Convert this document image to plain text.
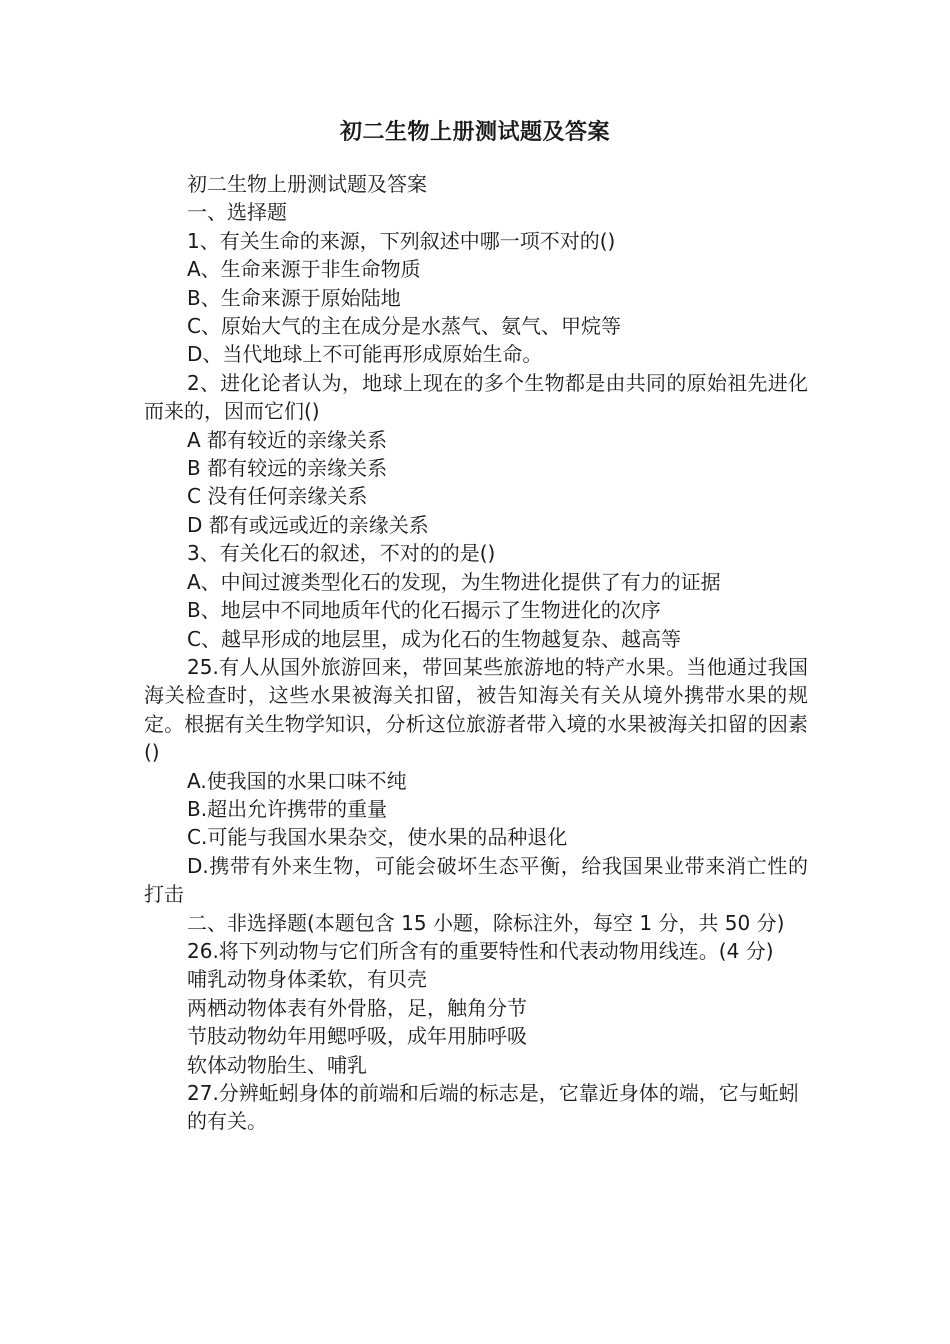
初二生物上册测试题及答案

初二生物上册测试题及答案

一、选择题

1、有关生命的来源，下列叙述中哪一项不对的()

A、生命来源于非生命物质

B、生命来源于原始陆地

C、原始大气的主在成分是水蒸气、氨气、甲烷等

D、当代地球上不可能再形成原始生命。

2、进化论者认为，地球上现在的多个生物都是由共同的原始祖先进化而来的，因而它们()

A 都有较近的亲缘关系

B 都有较远的亲缘关系

C 没有任何亲缘关系

D 都有或远或近的亲缘关系

3、有关化石的叙述，不对的的是()

A、中间过渡类型化石的发现，为生物进化提供了有力的证据

B、地层中不同地质年代的化石揭示了生物进化的次序

C、越早形成的地层里，成为化石的生物越复杂、越高等

25.有人从国外旅游回来，带回某些旅游地的特产水果。当他通过我国海关检查时，这些水果被海关扣留，被告知海关有关从境外携带水果的规定。根据有关生物学知识，分析这位旅游者带入境的水果被海关扣留的因素()

A.使我国的水果口味不纯

B.超出允许携带的重量

C.可能与我国水果杂交，使水果的品种退化

D.携带有外来生物，可能会破坏生态平衡，给我国果业带来消亡性的打击

二、非选择题(本题包含 15 小题，除标注外，每空 1 分，共 50 分)

26.将下列动物与它们所含有的重要特性和代表动物用线连。(4 分)

哺乳动物身体柔软，有贝壳

两栖动物体表有外骨胳，足，触角分节

节肢动物幼年用鳃呼吸，成年用肺呼吸

软体动物胎生、哺乳

27.分辨蚯蚓身体的前端和后端的标志是，它靠近身体的端，它与蚯蚓

的有关。
